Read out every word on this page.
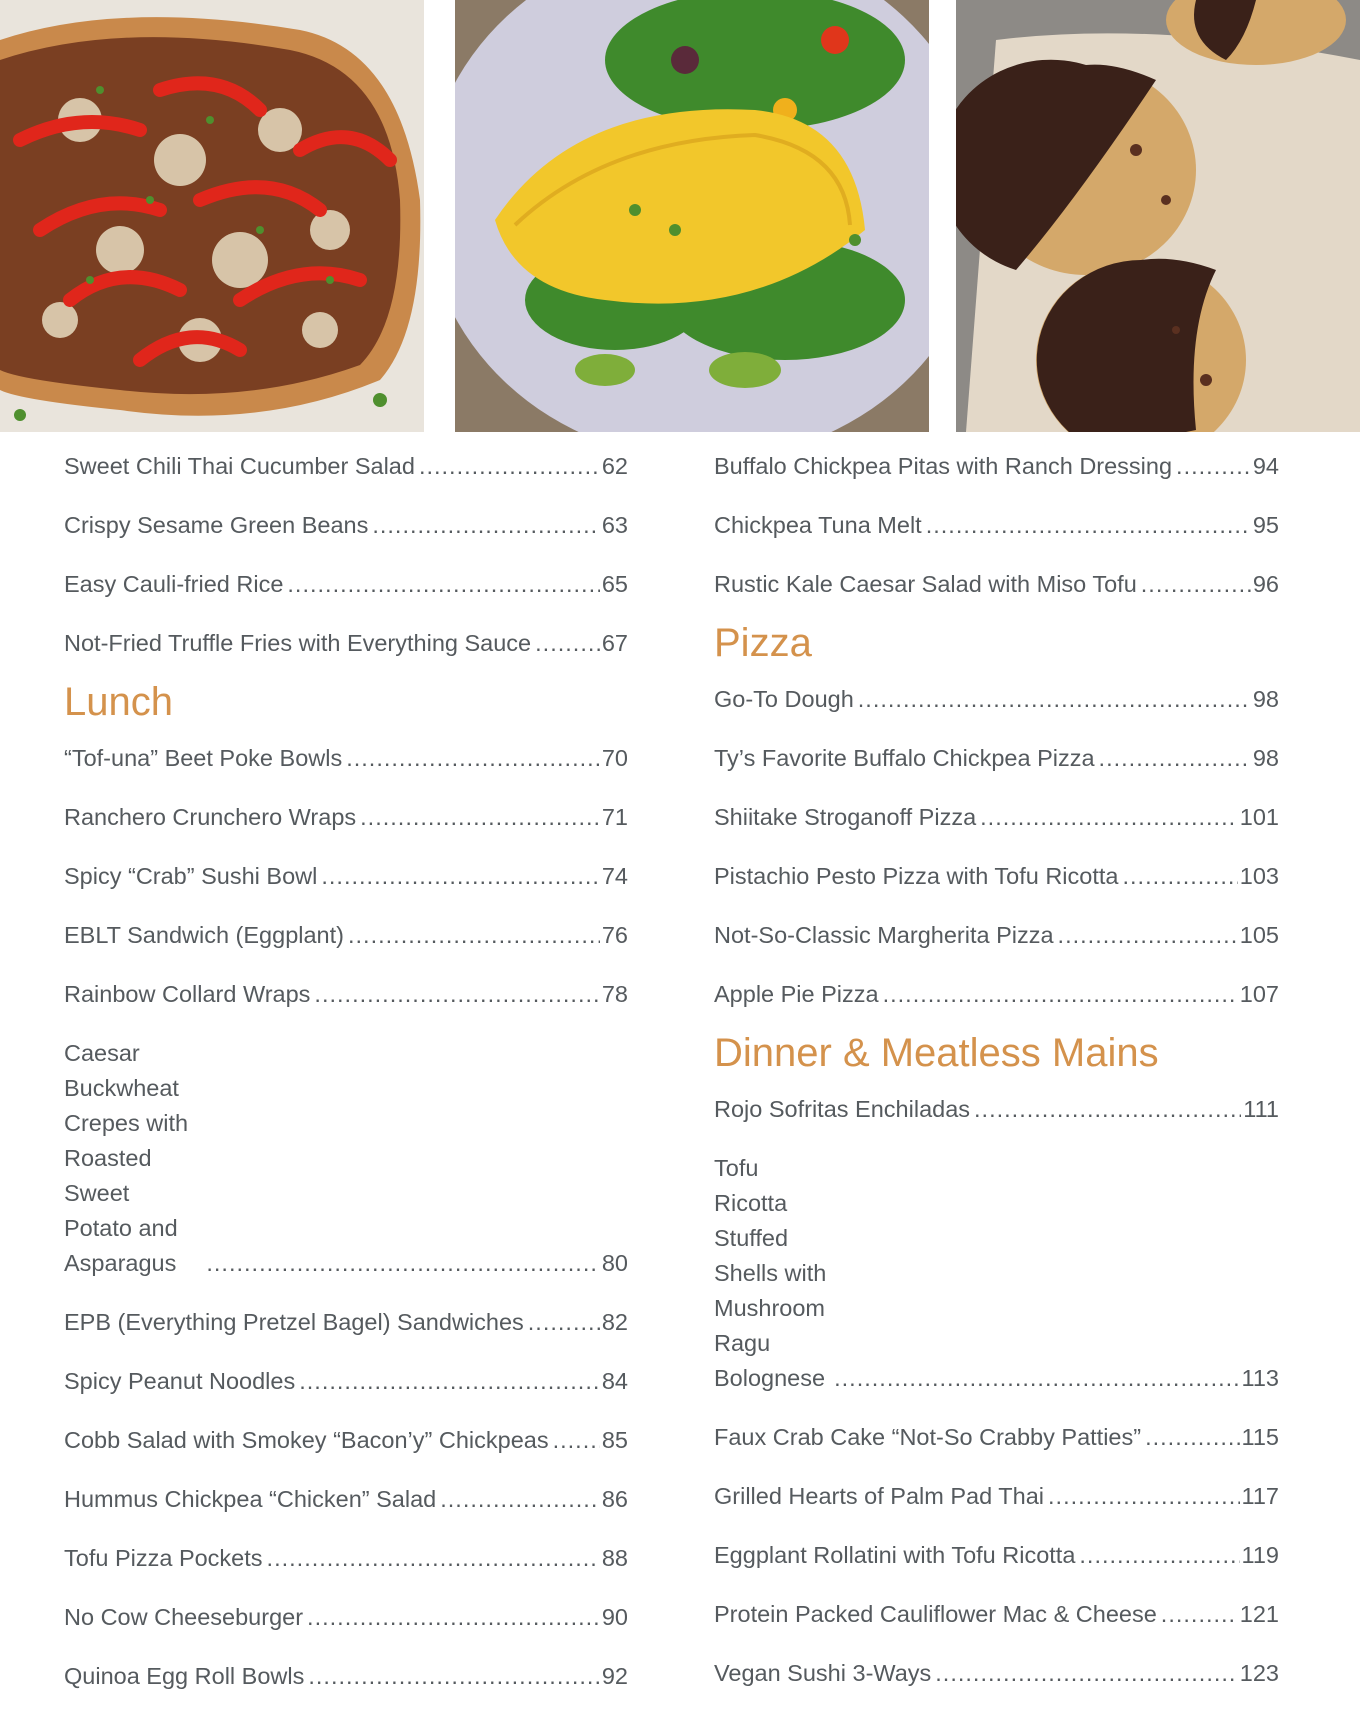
Sweet Chili Thai Cucumber Salad .....	62
Crispy Sesame Green Beans .....	63
Easy Cauli-fried Rice .....	65
Not-Fried Truffle Fries with Everything Sauce .....	67
Lunch
“Tof-una” Beet Poke Bowls .....	70
Ranchero Crunchero Wraps .....	71
Spicy “Crab” Sushi Bowl .....	74
EBLT Sandwich (Eggplant) .....	76
Rainbow Collard Wraps .....	78
Caesar Buckwheat Crepes with
Roasted Sweet Potato and Asparagus .....	80
EPB (Everything Pretzel Bagel) Sandwiches .....	82
Spicy Peanut Noodles .....	84
Cobb Salad with Smokey “Bacon’y” Chickpeas ..... 85
Hummus Chickpea “Chicken” Salad .....	86
Tofu Pizza Pockets .....	88
No Cow Cheeseburger .....	90
Quinoa Egg Roll Bowls .....	92
Buffalo Chickpea Pitas with Ranch Dressing .....	94
Chickpea Tuna Melt .....	95
Rustic Kale Caesar Salad with Miso Tofu .....	96
Pizza
Go-To Dough .....	98
Ty’s Favorite Buffalo Chickpea Pizza .....	98
Shiitake Stroganoff Pizza .....	101
Pistachio Pesto Pizza with Tofu Ricotta .....	103
Not-So-Classic Margherita Pizza .....	105
Apple Pie Pizza .....	107
Dinner & Meatless Mains
Rojo Sofritas Enchiladas .....	111
Tofu Ricotta Stuffed Shells with
Mushroom Ragu Bolognese .....	113
Faux Crab Cake “Not-So Crabby Patties” .....	115
Grilled Hearts of Palm Pad Thai .....	117
Eggplant Rollatini with Tofu Ricotta .....	119
Protein Packed Cauliflower Mac & Cheese .....	121
Vegan Sushi 3-Ways .....	123
